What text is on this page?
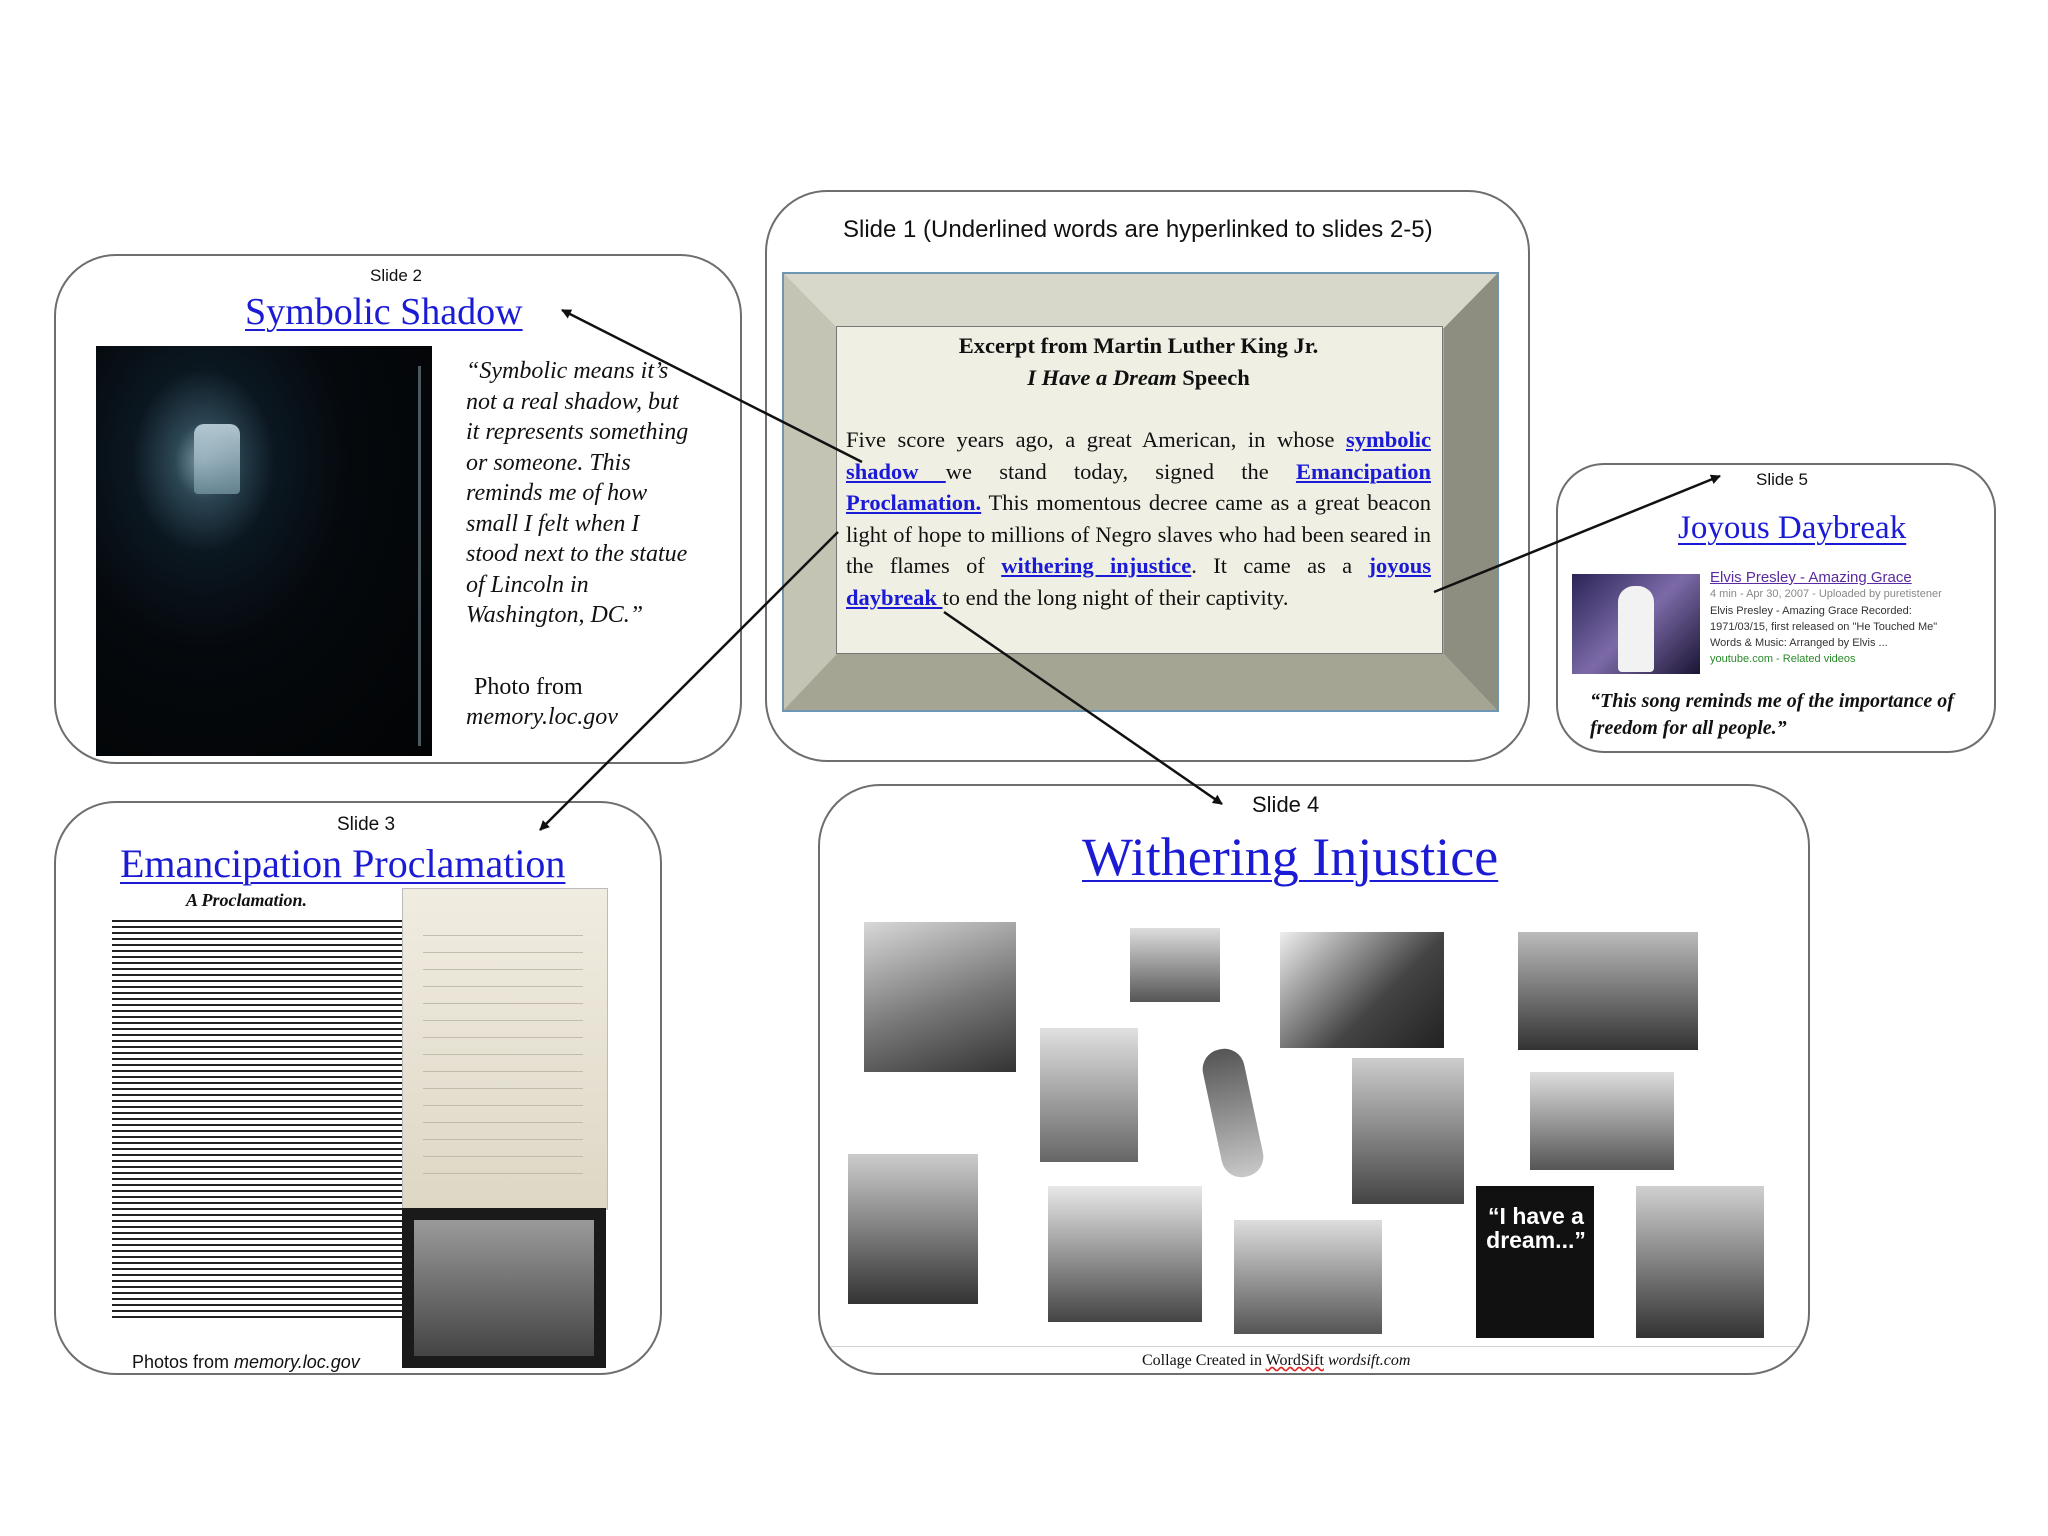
Slide 2
Symbolic Shadow
“Symbolic means it’s
not a real shadow, but
it represents something
or someone. This
reminds me of how
small I felt when I
stood next to the statue
of Lincoln in
Washington, DC.”
Photo from
memory.loc.gov
Slide 1 (Underlined words are hyperlinked to slides 2-5)
Excerpt from Martin Luther King Jr.
I Have a Dream Speech
Five score years ago, a great American, in whose symbolic shadow we stand today, signed the Emancipation Proclamation. This momentous decree came as a great beacon light of hope to millions of Negro slaves who had been seared in the flames of withering injustice. It came as a joyous daybreak to end the long night of their captivity.
Slide 5
Joyous Daybreak
Elvis Presley - Amazing Grace
4 min - Apr 30, 2007 - Uploaded by puretistener
Elvis Presley - Amazing Grace Recorded:
1971/03/15, first released on "He Touched Me"
Words & Music: Arranged by Elvis ...
youtube.com - Related videos
“This song reminds me of the importance of
freedom for all people.”
Slide 3
Emancipation Proclamation
A Proclamation.
Photos from memory.loc.gov
Slide 4
Withering Injustice
“I have a
dream...”
Collage Created in WordSift wordsift.com
